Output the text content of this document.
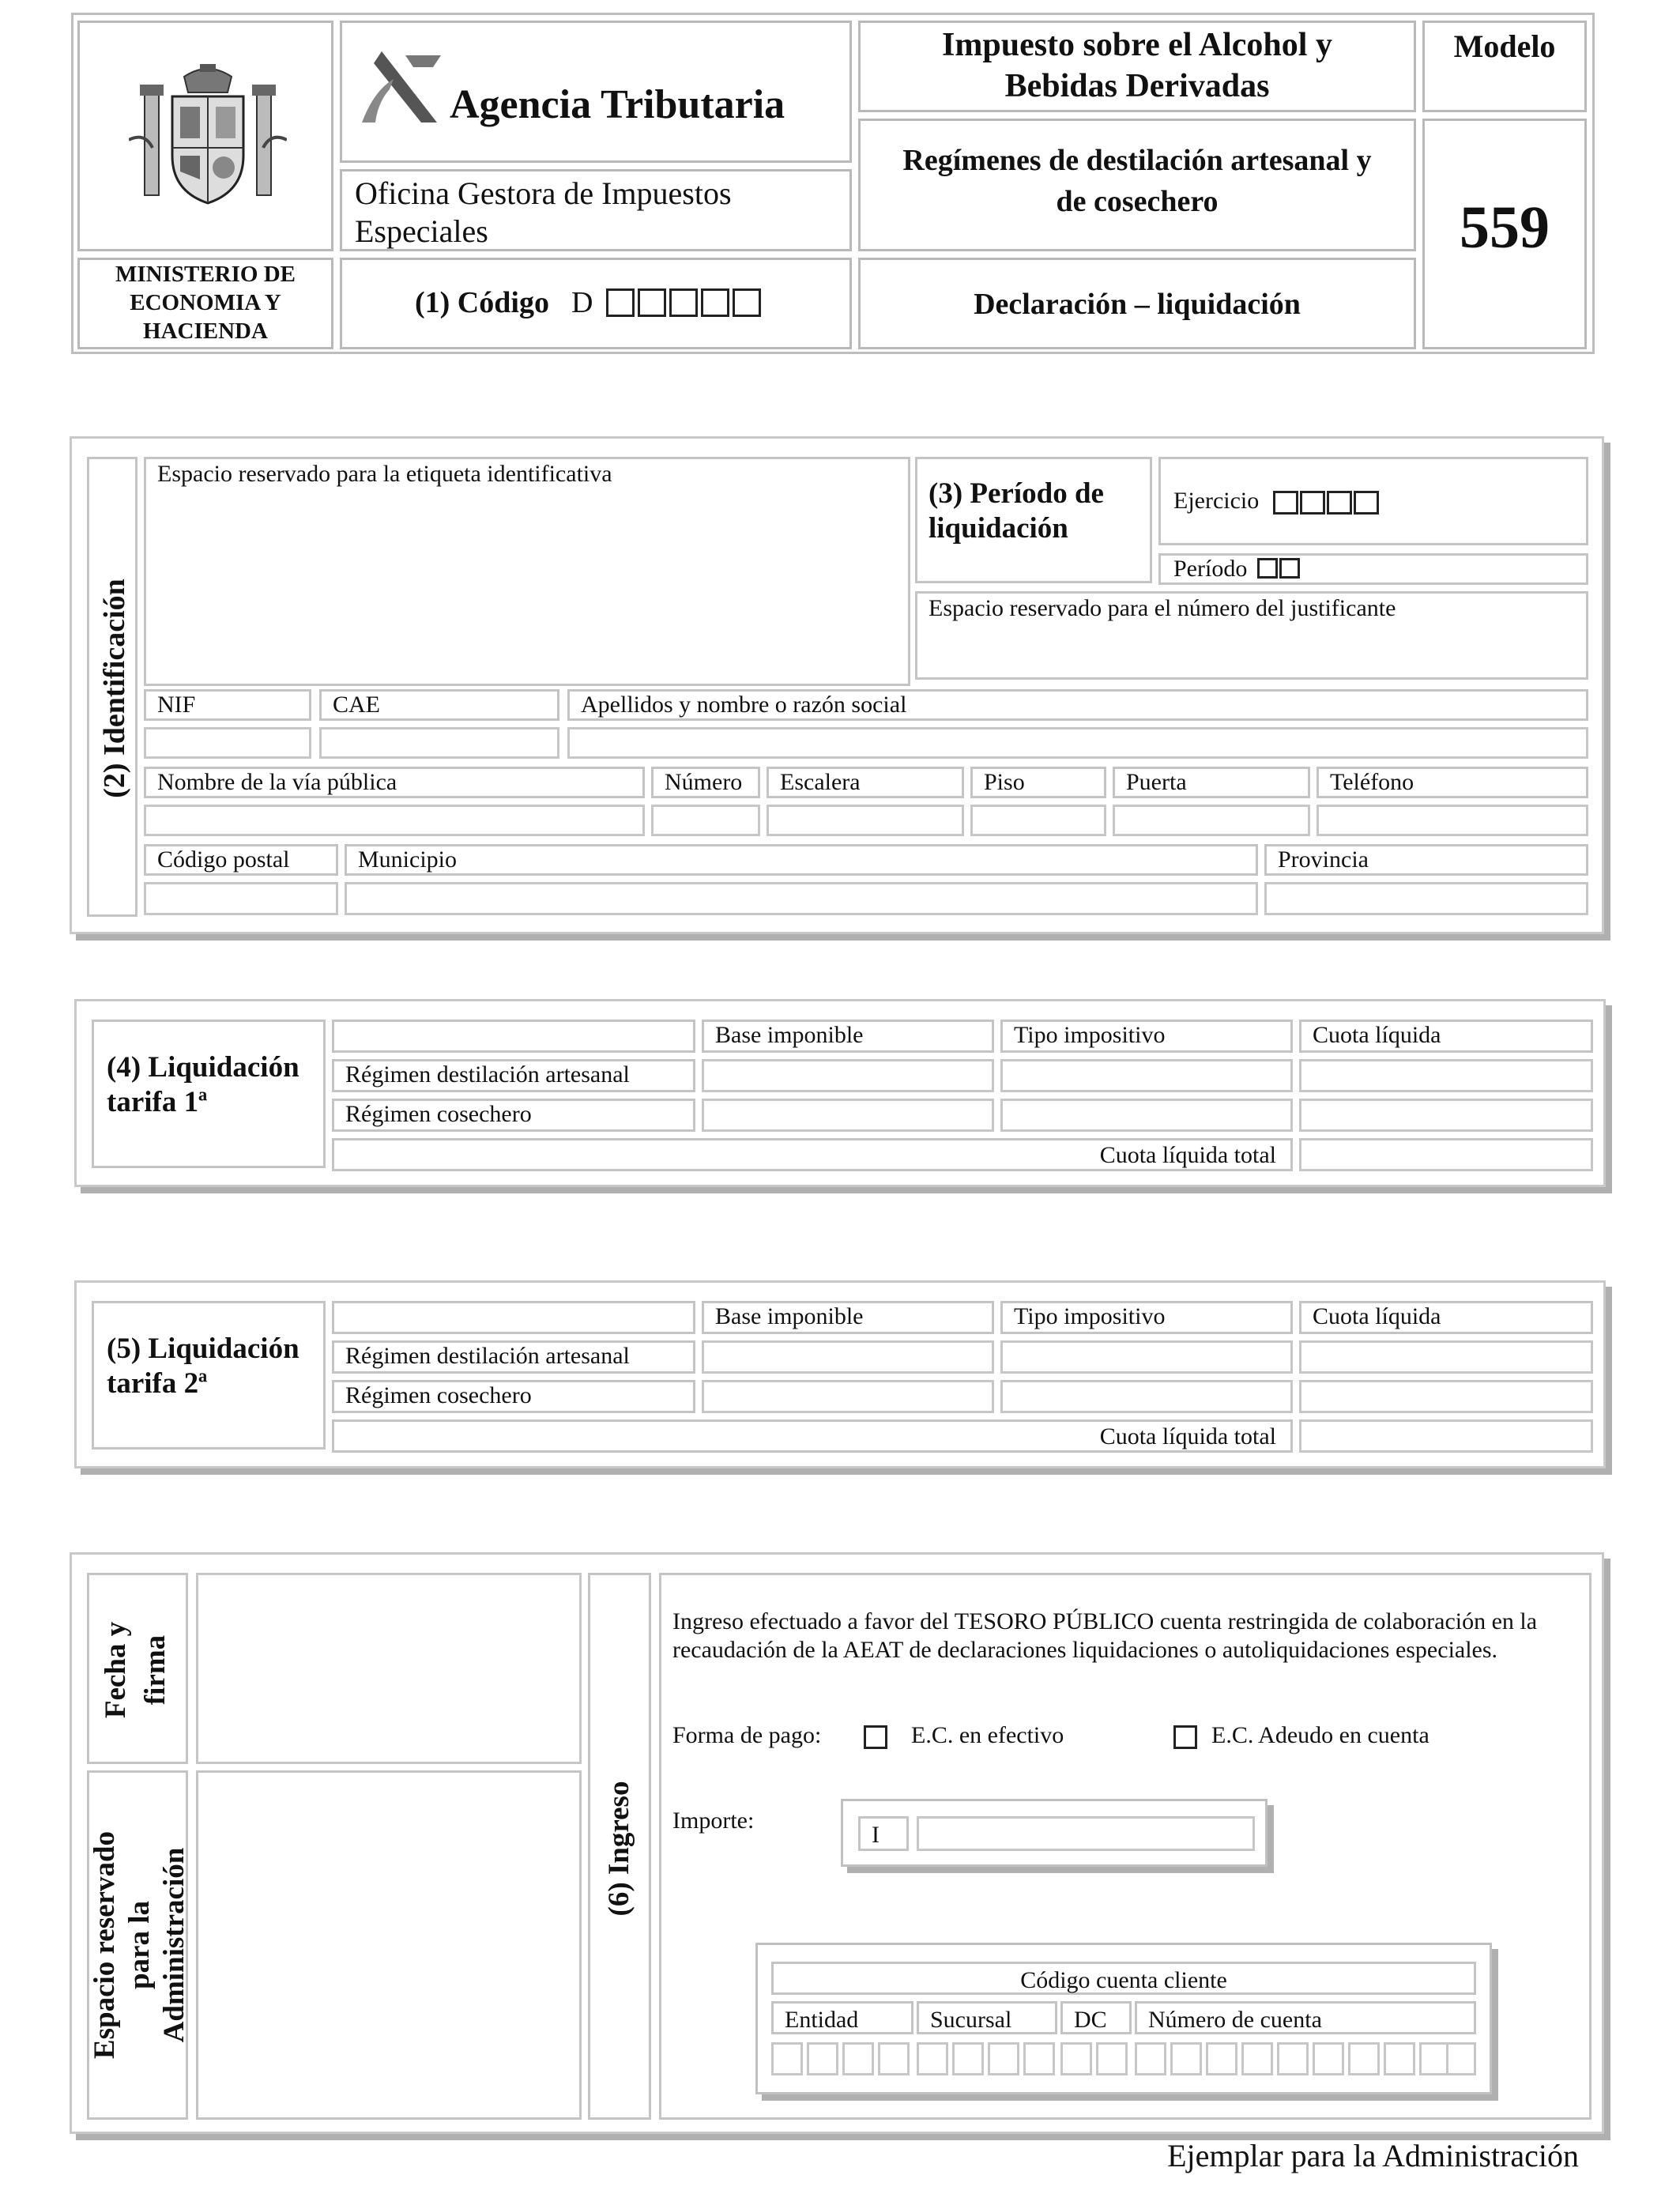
MINISTERIO DE
ECONOMIA Y
HACIENDA
Agencia Tributaria
Oficina Gestora de Impuestos
Especiales
(1) Código D
Impuesto sobre el Alcohol y
Bebidas Derivadas
Regímenes de destilación artesanal y
de cosechero
Declaración – liquidación
Modelo
559
(2) Identificación
Espacio reservado para la etiqueta identificativa
(3) Período de
liquidación
Ejercicio
Período
Espacio reservado para el número del justificante
NIF	CAE	Apellidos y nombre o razón social
Nombre de la vía pública	Número Escalera	Piso	Puerta	Teléfono
Código postal	Municipio	Provincia
(4) Liquidación
tarifa 1ª
Base imponible	Tipo impositivo	Cuota líquida
Régimen destilación artesanal
Régimen cosechero
Cuota líquida total
(5) Liquidación
tarifa 2ª
Base imponible	Tipo impositivo	Cuota líquida
Régimen destilación artesanal
Régimen cosechero
Cuota líquida total
Fecha y firma
Espacio reservado para la Administración	(6) Ingreso
Ingreso efectuado a favor del TESORO PÚBLICO cuenta restringida de colaboración en la
recaudación de la AEAT de declaraciones liquidaciones o autoliquidaciones especiales.
Forma de pago:	E.C. en efectivo	E.C. Adeudo en cuenta
Importe:
I
Código cuenta cliente
Entidad	Sucursal	DC Número de cuenta
Ejemplar para la Administración
